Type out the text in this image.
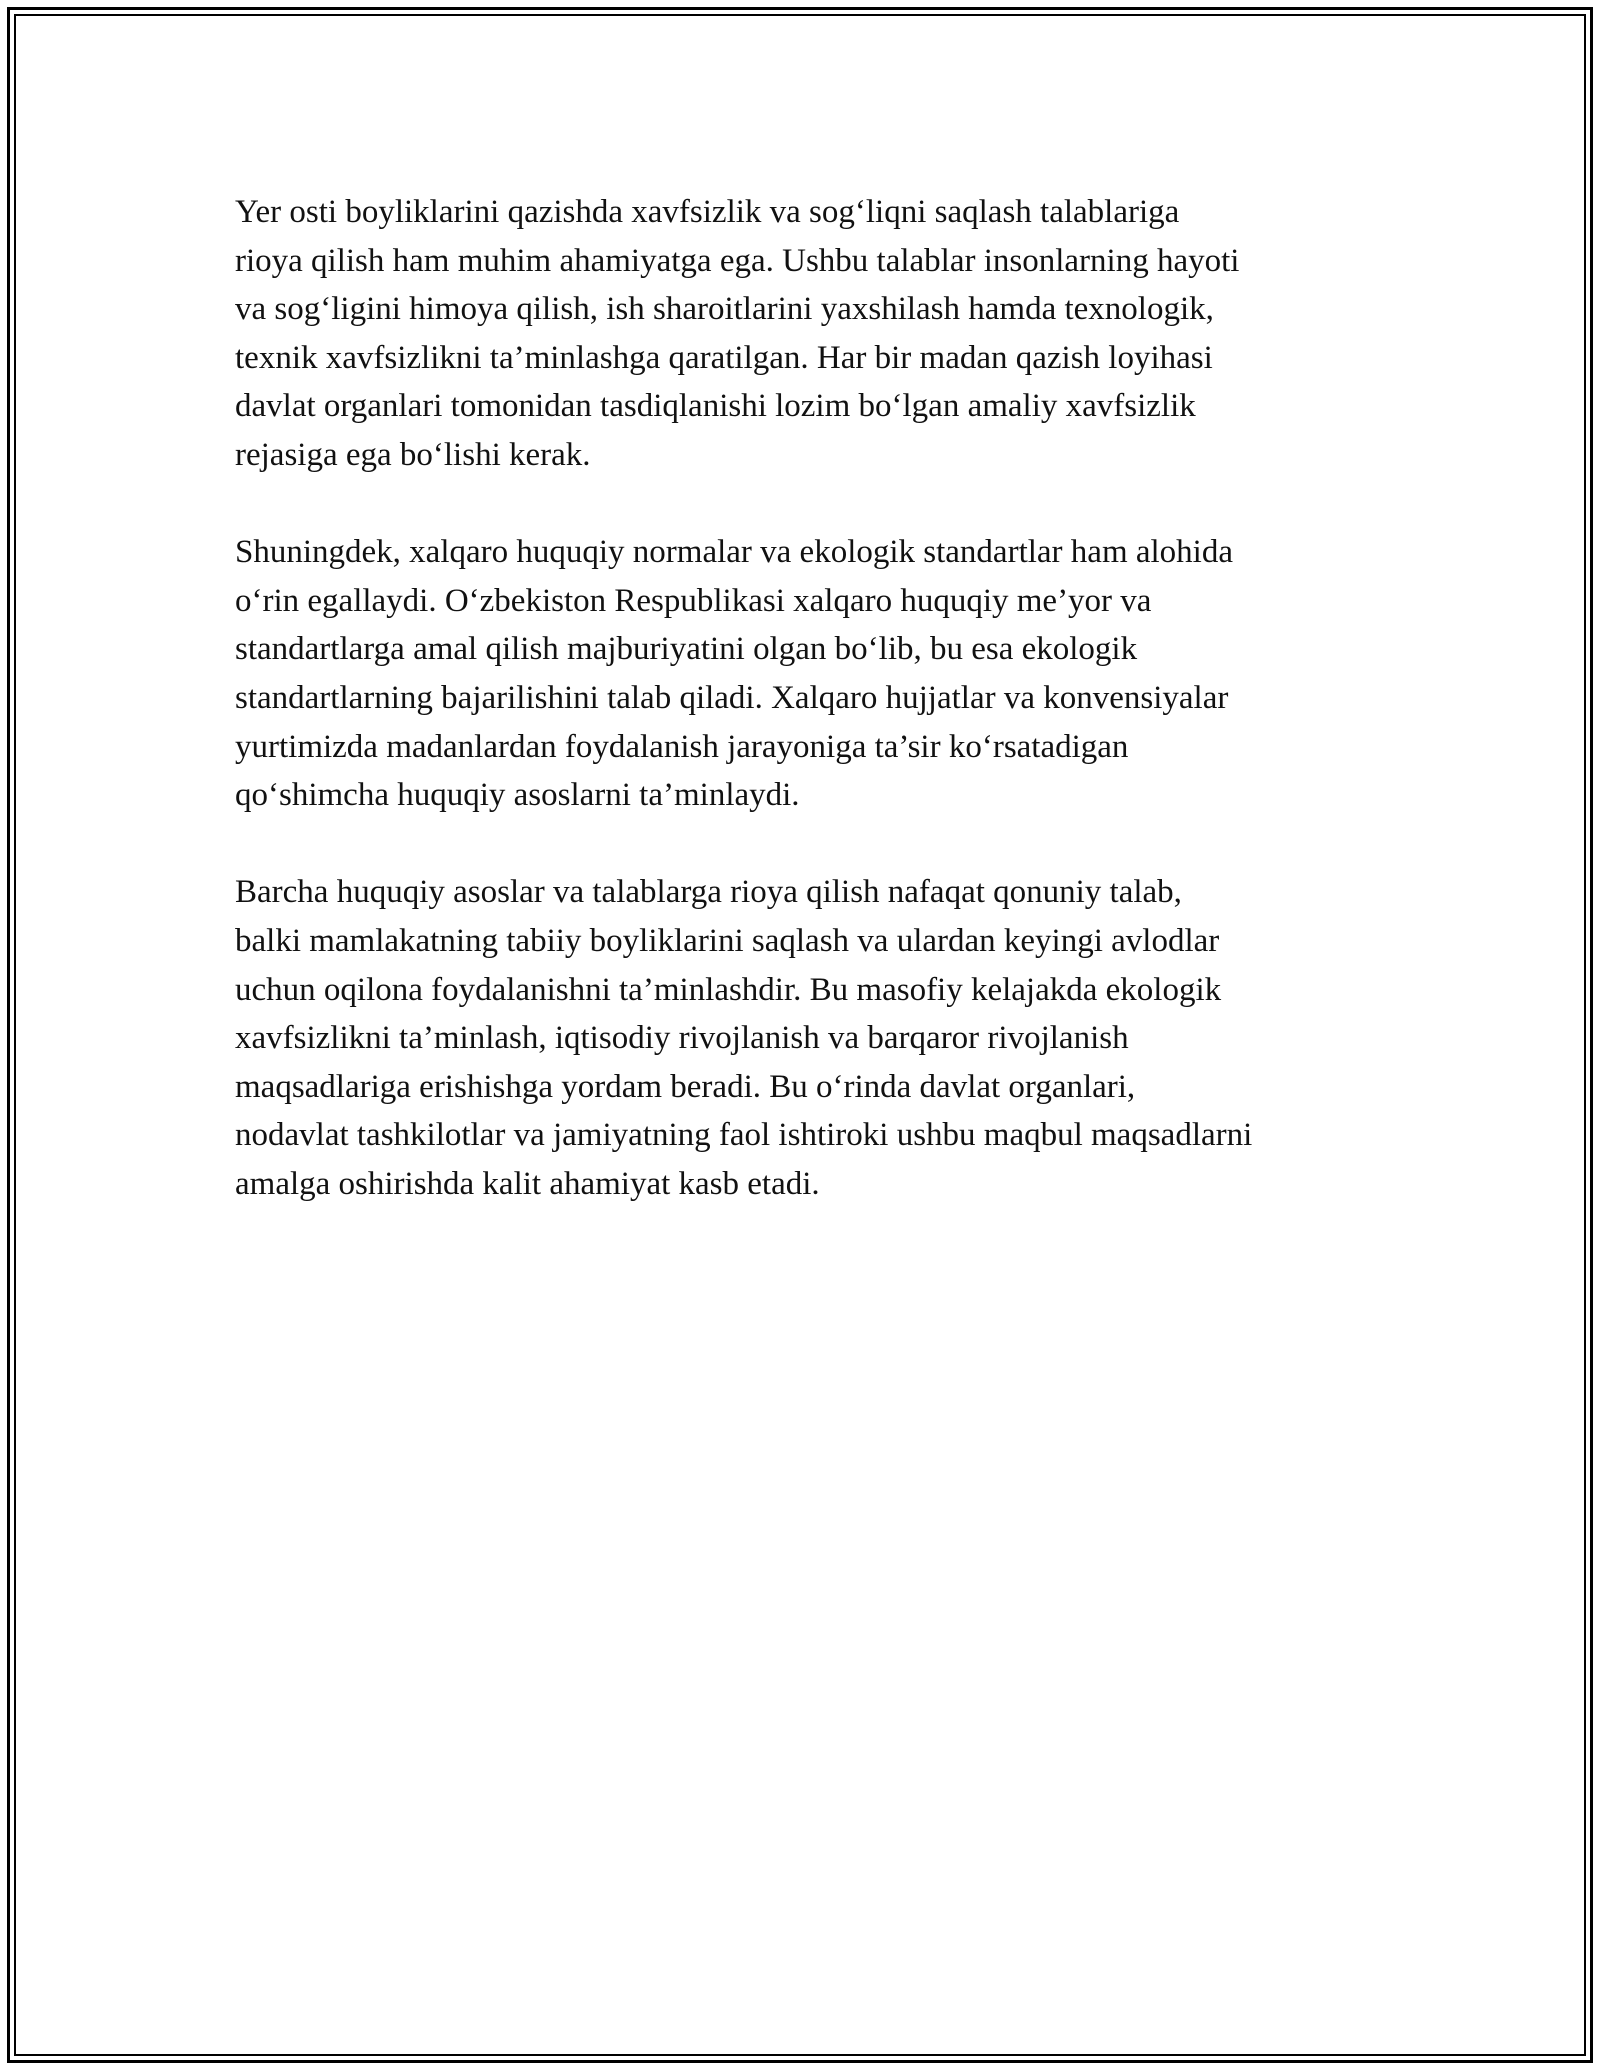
Yer osti boyliklarini qazishda xavfsizlik va sog‘liqni saqlash talablariga
rioya qilish ham muhim ahamiyatga ega. Ushbu talablar insonlarning hayoti
va sog‘ligini himoya qilish, ish sharoitlarini yaxshilash hamda texnologik,
texnik xavfsizlikni ta’minlashga qaratilgan. Har bir madan qazish loyihasi
davlat organlari tomonidan tasdiqlanishi lozim bo‘lgan amaliy xavfsizlik
rejasiga ega bo‘lishi kerak.

Shuningdek, xalqaro huquqiy normalar va ekologik standartlar ham alohida
o‘rin egallaydi. O‘zbekiston Respublikasi xalqaro huquqiy me’yor va
standartlarga amal qilish majburiyatini olgan bo‘lib, bu esa ekologik
standartlarning bajarilishini talab qiladi. Xalqaro hujjatlar va konvensiyalar
yurtimizda madanlardan foydalanish jarayoniga ta’sir ko‘rsatadigan
qo‘shimcha huquqiy asoslarni ta’minlaydi.

Barcha huquqiy asoslar va talablarga rioya qilish nafaqat qonuniy talab,
balki mamlakatning tabiiy boyliklarini saqlash va ulardan keyingi avlodlar
uchun oqilona foydalanishni ta’minlashdir. Bu masofiy kelajakda ekologik
xavfsizlikni ta’minlash, iqtisodiy rivojlanish va barqaror rivojlanish
maqsadlariga erishishga yordam beradi. Bu o‘rinda davlat organlari,
nodavlat tashkilotlar va jamiyatning faol ishtiroki ushbu maqbul maqsadlarni
amalga oshirishda kalit ahamiyat kasb etadi.
